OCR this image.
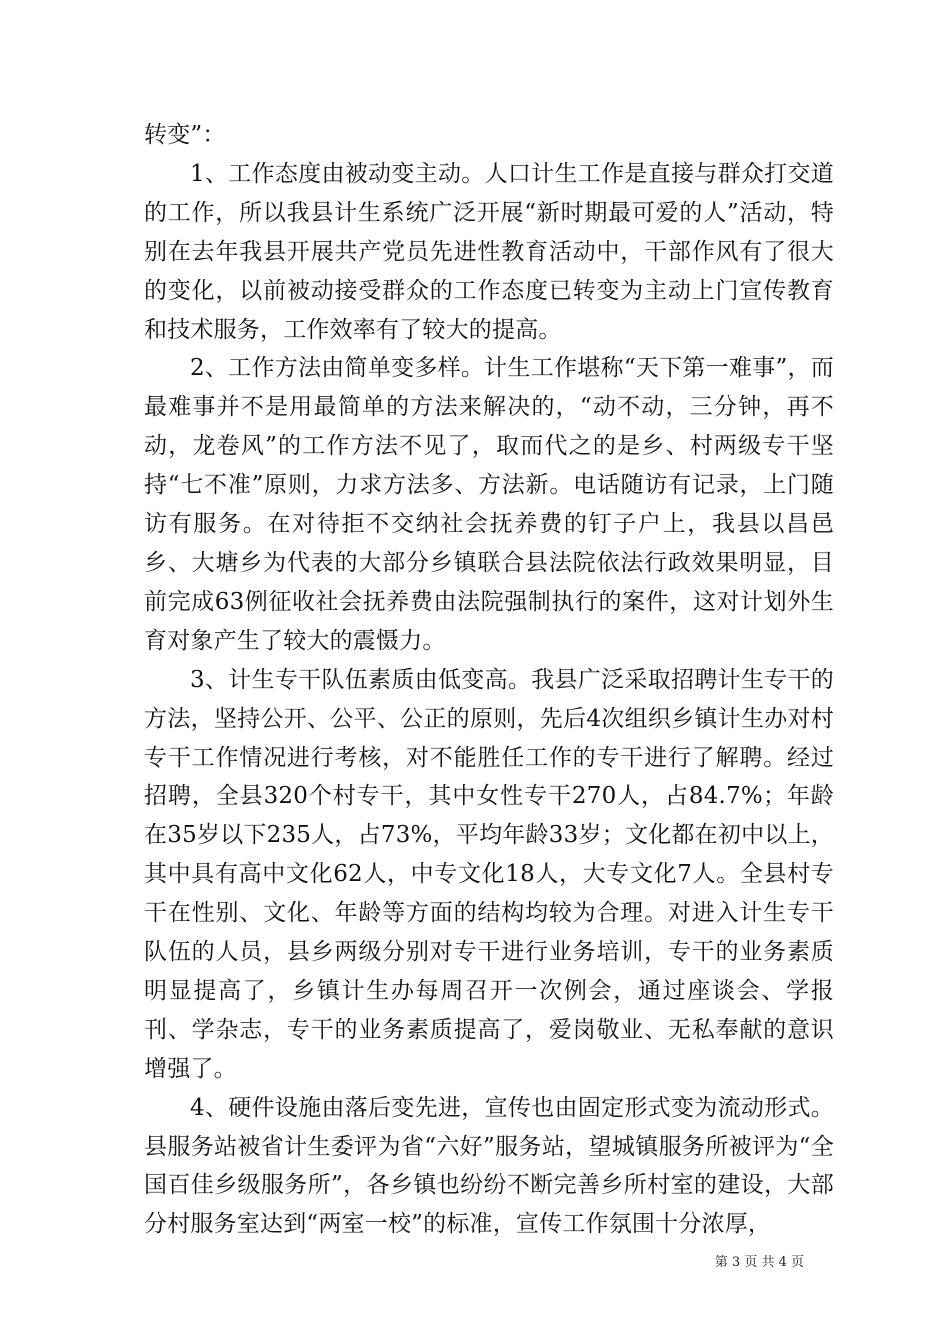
转变”：

1、工作态度由被动变主动。人口计生工作是直接与群众打交道的工作，所以我县计生系统广泛开展“新时期最可爱的人”活动，特别在去年我县开展共产党员先进性教育活动中，干部作风有了很大的变化，以前被动接受群众的工作态度已转变为主动上门宣传教育和技术服务，工作效率有了较大的提高。

2、工作方法由简单变多样。计生工作堪称“天下第一难事”，而最难事并不是用最简单的方法来解决的，“动不动，三分钟，再不动，龙卷风”的工作方法不见了，取而代之的是乡、村两级专干坚持“七不准”原则，力求方法多、方法新。电话随访有记录，上门随访有服务。在对待拒不交纳社会抚养费的钉子户上，我县以昌邑乡、大塘乡为代表的大部分乡镇联合县法院依法行政效果明显，目前完成63例征收社会抚养费由法院强制执行的案件，这对计划外生育对象产生了较大的震慑力。

3、计生专干队伍素质由低变高。我县广泛采取招聘计生专干的方法，坚持公开、公平、公正的原则，先后4次组织乡镇计生办对村专干工作情况进行考核，对不能胜任工作的专干进行了解聘。经过招聘，全县320个村专干，其中女性专干270人，占84.7%；年龄在35岁以下235人，占73%，平均年龄33岁；文化都在初中以上，其中具有高中文化62人，中专文化18人，大专文化7人。全县村专干在性别、文化、年龄等方面的结构均较为合理。对进入计生专干队伍的人员，县乡两级分别对专干进行业务培训，专干的业务素质明显提高了，乡镇计生办每周召开一次例会，通过座谈会、学报刊、学杂志，专干的业务素质提高了，爱岗敬业、无私奉献的意识增强了。

4、硬件设施由落后变先进，宣传也由固定形式变为流动形式。县服务站被省计生委评为省“六好”服务站，望城镇服务所被评为“全国百佳乡级服务所”，各乡镇也纷纷不断完善乡所村室的建设，大部分村服务室达到“两室一校”的标准，宣传工作氛围十分浓厚，

第 3 页 共 4 页
